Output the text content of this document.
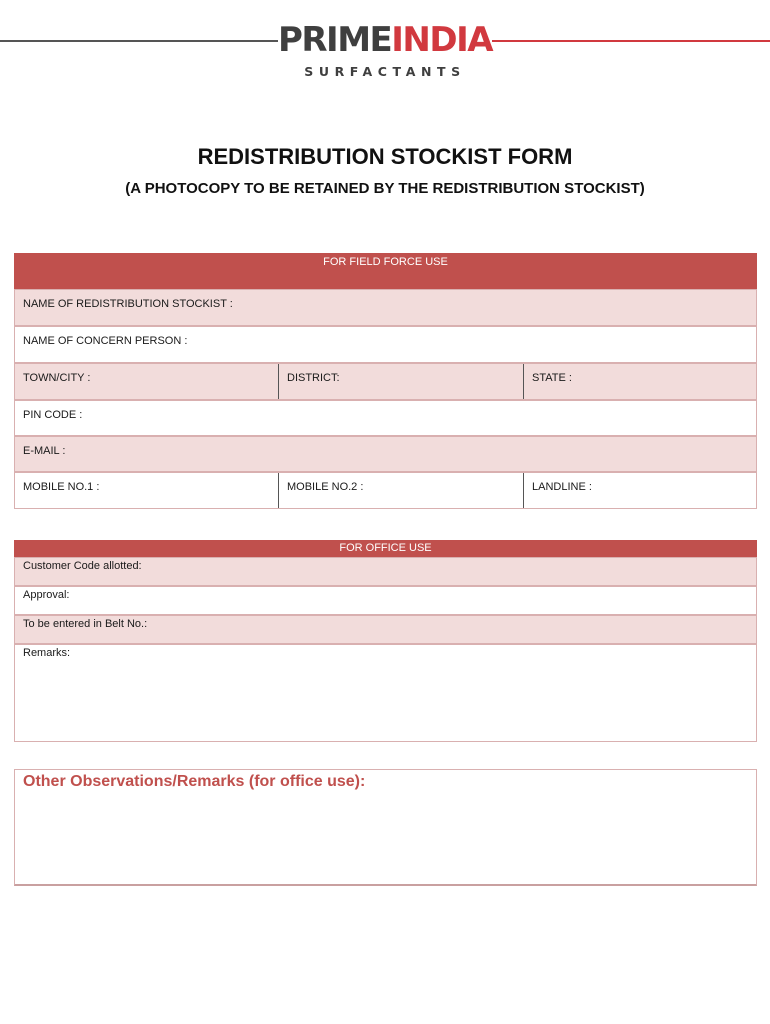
PRIMEINDIA
SURFACTANTS
REDISTRIBUTION STOCKIST FORM
(A PHOTOCOPY TO BE RETAINED BY THE REDISTRIBUTION STOCKIST)
FOR FIELD FORCE USE
NAME OF REDISTRIBUTION STOCKIST :
NAME OF CONCERN PERSON :
TOWN/CITY :	DISTRICT:	STATE :
PIN CODE :
E-MAIL :
MOBILE NO.1 :	MOBILE NO.2 :	LANDLINE :
FOR OFFICE USE
Customer Code allotted:
Approval:
To be entered in Belt No.:
Remarks:
Other Observations/Remarks (for office use):
